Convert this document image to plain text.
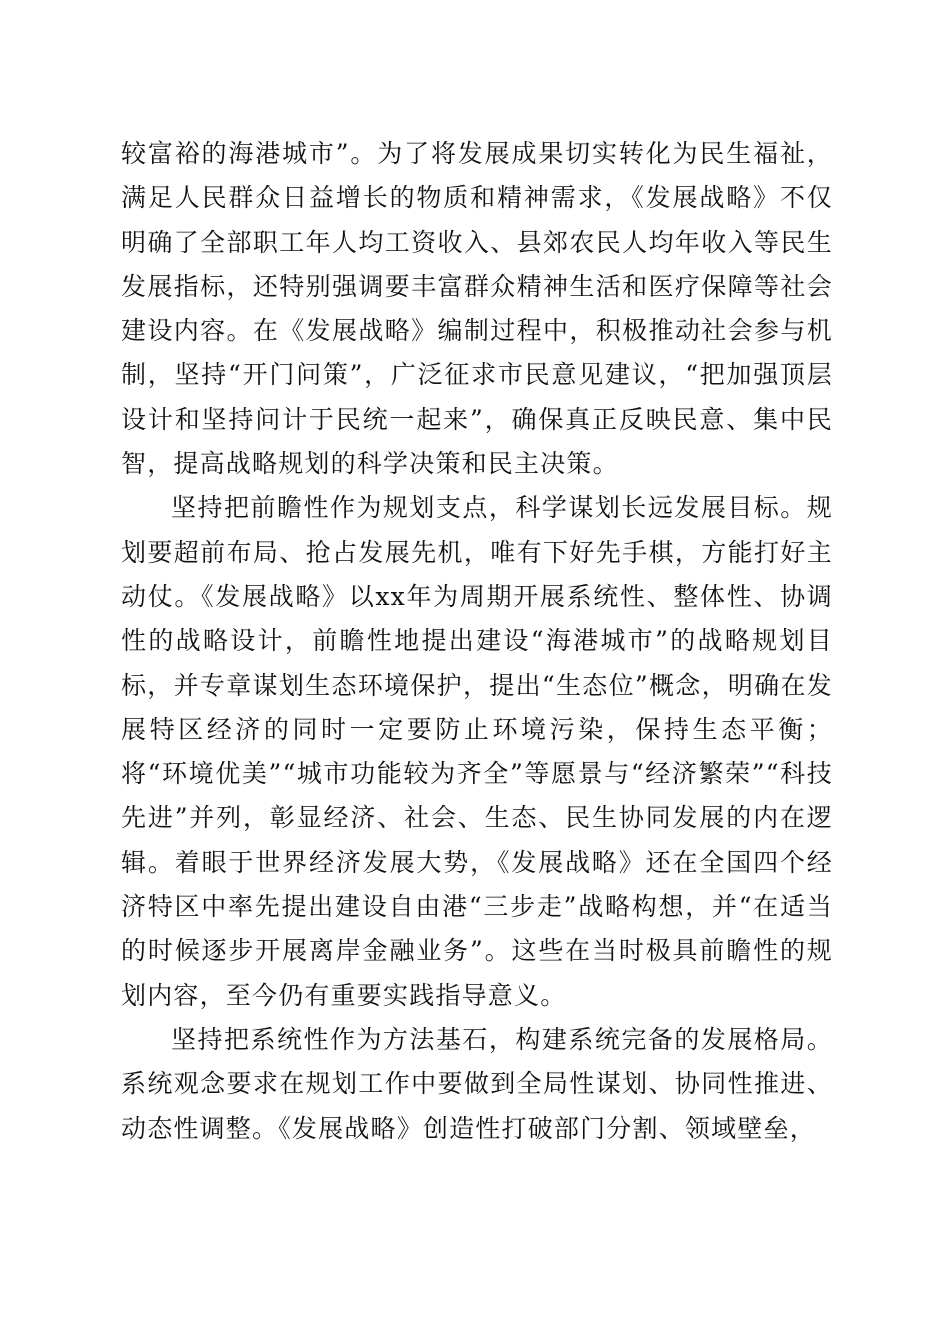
较富裕的海港城市”。为了将发展成果切实转化为民生福祉，满足人民群众日益增长的物质和精神需求，《发展战略》不仅明确了全部职工年人均工资收入、县郊农民人均年收入等民生发展指标，还特别强调要丰富群众精神生活和医疗保障等社会建设内容。在《发展战略》编制过程中，积极推动社会参与机制，坚持“开门问策”，广泛征求市民意见建议，“把加强顶层设计和坚持问计于民统一起来”，确保真正反映民意、集中民智，提高战略规划的科学决策和民主决策。

坚持把前瞻性作为规划支点，科学谋划长远发展目标。规划要超前布局、抢占发展先机，唯有下好先手棋，方能打好主动仗。《发展战略》以xx年为周期开展系统性、整体性、协调性的战略设计，前瞻性地提出建设“海港城市”的战略规划目标，并专章谋划生态环境保护，提出“生态位”概念，明确在发展特区经济的同时一定要防止环境污染，保持生态平衡；将“环境优美”“城市功能较为齐全”等愿景与“经济繁荣”“科技先进”并列，彰显经济、社会、生态、民生协同发展的内在逻辑。着眼于世界经济发展大势，《发展战略》还在全国四个经济特区中率先提出建设自由港“三步走”战略构想，并“在适当的时候逐步开展离岸金融业务”。这些在当时极具前瞻性的规划内容，至今仍有重要实践指导意义。

坚持把系统性作为方法基石，构建系统完备的发展格局。系统观念要求在规划工作中要做到全局性谋划、协同性推进、动态性调整。《发展战略》创造性打破部门分割、领域壁垒，
